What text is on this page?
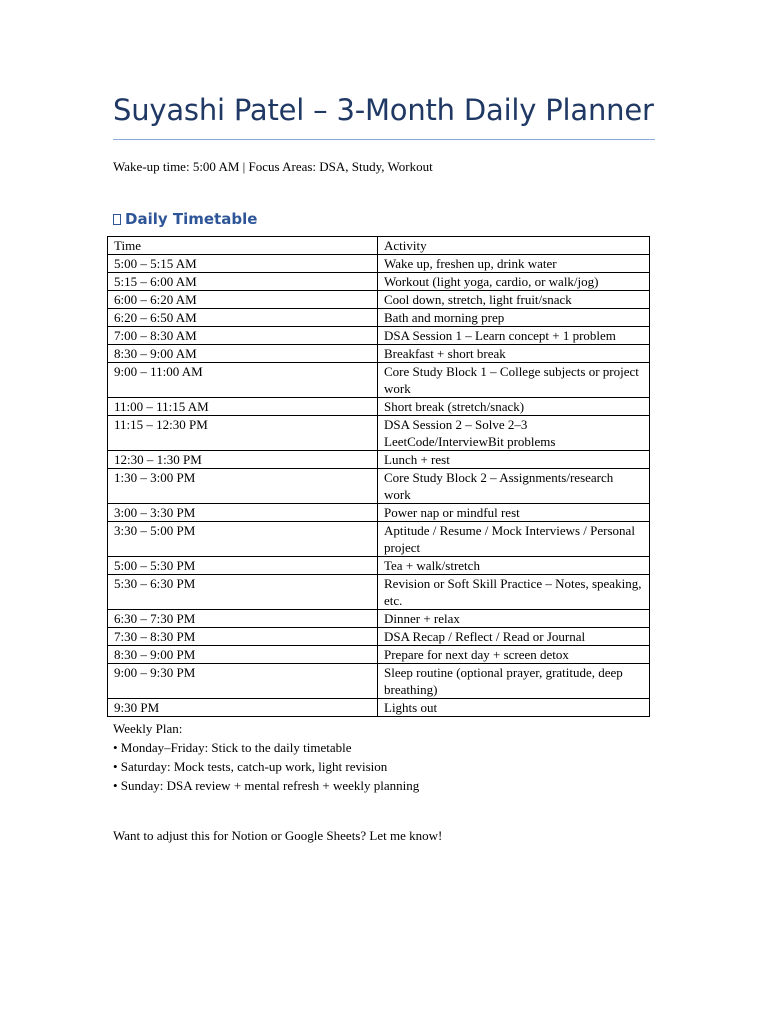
Suyashi Patel – 3-Month Daily Planner
Wake-up time: 5:00 AM | Focus Areas: DSA, Study, Workout
Daily Timetable
Time	Activity
5:00 – 5:15 AM	Wake up, freshen up, drink water
5:15 – 6:00 AM	Workout (light yoga, cardio, or walk/jog)
6:00 – 6:20 AM	Cool down, stretch, light fruit/snack
6:20 – 6:50 AM	Bath and morning prep
7:00 – 8:30 AM	DSA Session 1 – Learn concept + 1 problem
8:30 – 9:00 AM	Breakfast + short break
9:00 – 11:00 AM	Core Study Block 1 – College subjects or project work
11:00 – 11:15 AM	Short break (stretch/snack)
11:15 – 12:30 PM	DSA Session 2 – Solve 2–3 LeetCode/InterviewBit problems
12:30 – 1:30 PM	Lunch + rest
1:30 – 3:00 PM	Core Study Block 2 – Assignments/research work
3:00 – 3:30 PM	Power nap or mindful rest
3:30 – 5:00 PM	Aptitude / Resume / Mock Interviews / Personal project
5:00 – 5:30 PM	Tea + walk/stretch
5:30 – 6:30 PM	Revision or Soft Skill Practice – Notes, speaking, etc.
6:30 – 7:30 PM	Dinner + relax
7:30 – 8:30 PM	DSA Recap / Reflect / Read or Journal
8:30 – 9:00 PM	Prepare for next day + screen detox
9:00 – 9:30 PM	Sleep routine (optional prayer, gratitude, deep breathing)
9:30 PM	Lights out
Weekly Plan:
• Monday–Friday: Stick to the daily timetable
• Saturday: Mock tests, catch-up work, light revision
• Sunday: DSA review + mental refresh + weekly planning
Want to adjust this for Notion or Google Sheets? Let me know!
